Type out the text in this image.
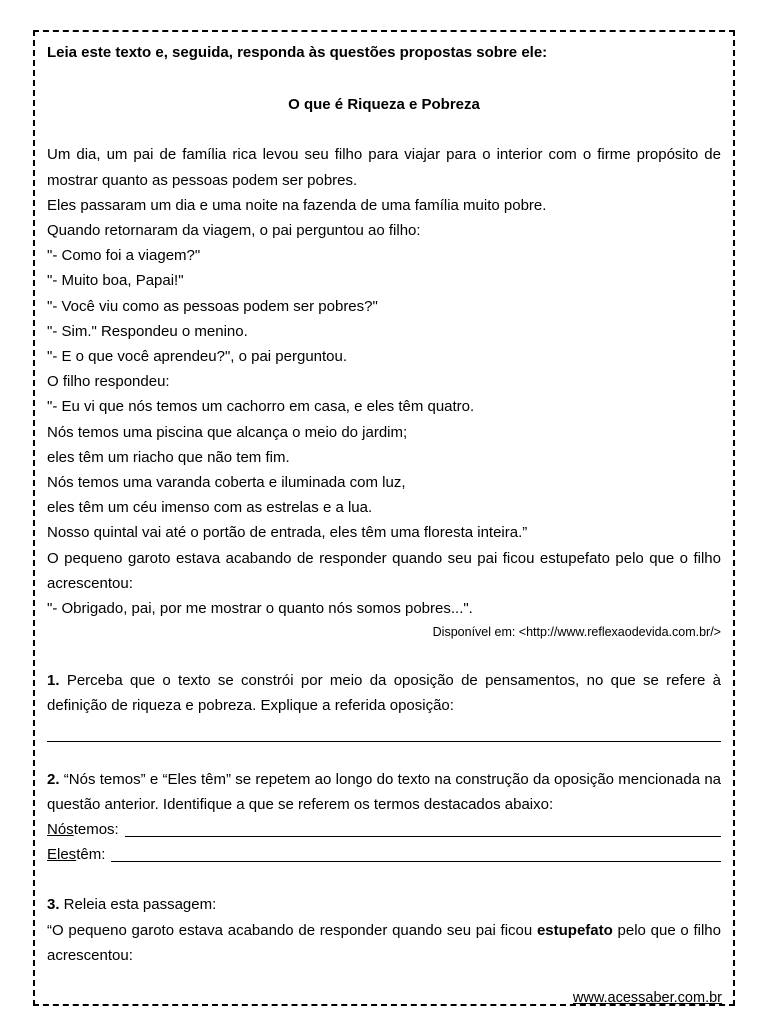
Leia este texto e, seguida, responda às questões propostas sobre ele:

O que é Riqueza e Pobreza

Um dia, um pai de família rica levou seu filho para viajar para o interior com o firme propósito de mostrar quanto as pessoas podem ser pobres.

Eles passaram um dia e uma noite na fazenda de uma família muito pobre.

Quando retornaram da viagem, o pai perguntou ao filho:

"- Como foi a viagem?"

"- Muito boa, Papai!"

"- Você viu como as pessoas podem ser pobres?"

"- Sim." Respondeu o menino.

"- E o que você aprendeu?", o pai perguntou.

O filho respondeu:

"- Eu vi que nós temos um cachorro em casa, e eles têm quatro.

Nós temos uma piscina que alcança o meio do jardim;

eles têm um riacho que não tem fim.

Nós temos uma varanda coberta e iluminada com luz,

eles têm um céu imenso com as estrelas e a lua.

Nosso quintal vai até o portão de entrada, eles têm uma floresta inteira.”

O pequeno garoto estava acabando de responder quando seu pai ficou estupefato pelo que o filho acrescentou:

"- Obrigado, pai, por me mostrar o quanto nós somos pobres...".

Disponível em: <http://www.reflexaodevida.com.br/>

1. Perceba que o texto se constrói por meio da oposição de pensamentos, no que se refere à definição de riqueza e pobreza. Explique a referida oposição:

2. “Nós temos” e “Eles têm” se repetem ao longo do texto na construção da oposição mencionada na questão anterior. Identifique a que se referem os termos destacados abaixo:

Nós temos:
Eles têm:

3. Releia esta passagem:

“O pequeno garoto estava acabando de responder quando seu pai ficou estupefato pelo que o filho acrescentou:

www.acessaber.com.br
